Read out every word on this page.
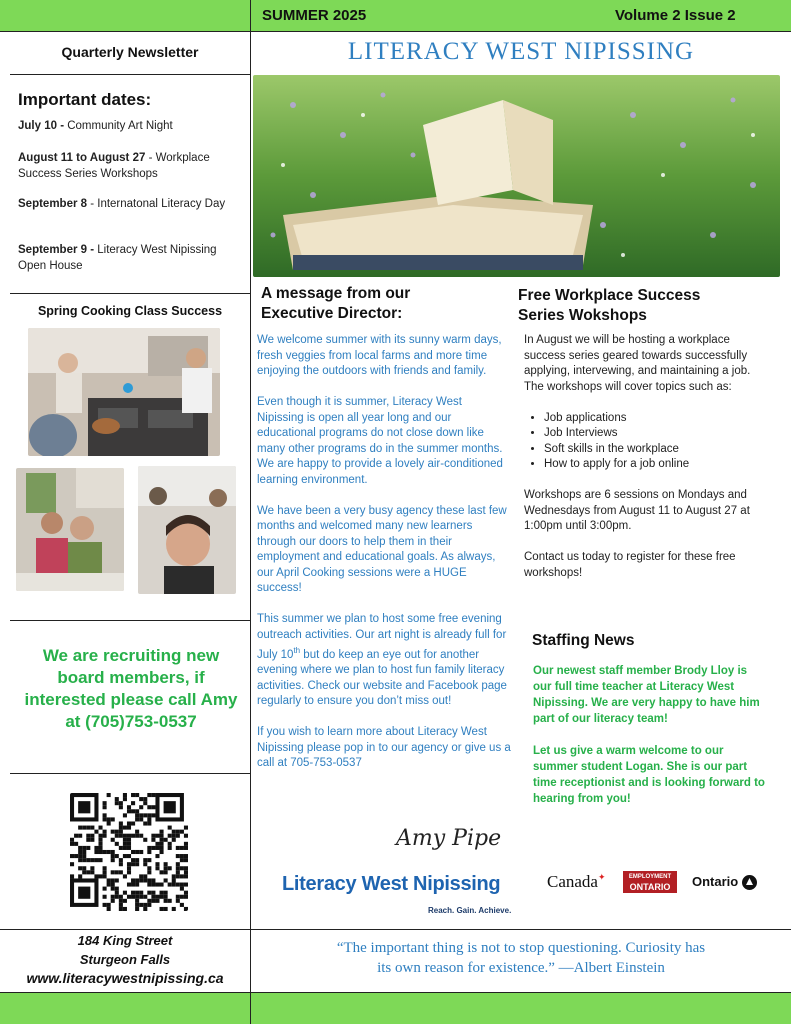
SUMMER 2025	Volume 2 Issue 2
Quarterly Newsletter
Important dates:
July 10 - Community Art Night
August 11 to August 27 - Workplace Success Series Workshops
September 8 - Internatonal Literacy Day
September 9 - Literacy West Nipissing Open House
Spring Cooking Class Success
We are recruiting new board members, if interested please call Amy at (705)753-0537
184 King Street
Sturgeon Falls
www.literacywestnipissing.ca
LITERACY WEST NIPISSING
A message from our
Executive Director:

We welcome summer with its sunny warm days, fresh veggies from local farms and more time enjoying the outdoors with friends and family.

Even though it is summer, Literacy West Nipissing is open all year long and our educational programs do not close down like many other programs do in the summer months. We are happy to provide a lovely air-conditioned learning environment.

We have been a very busy agency these last few months and welcomed many new learners through our doors to help them in their employment and educational goals. As always, our April Cooking sessions were a HUGE success!

This summer we plan to host some free evening outreach activities. Our art night is already full for July 10th but do keep an eye out for another evening where we plan to host fun family literacy activities. Check our website and Facebook page regularly to ensure you don’t miss out!

If you wish to learn more about Literacy West Nipissing please pop in to our agency or give us a call at 705-753-0537

Amy Pipe
Literacy West Nipissing
Reach. Gain. Achieve.
Free Workplace Success
Series Wokshops

In August we will be hosting a workplace success series geared towards successfully applying, intervewing, and maintaining a job. The workshops will cover topics such as:

• Job applications
• Job Interviews
• Soft skills in the workplace
• How to apply for a job online

Workshops are 6 sessions on Mondays and Wednesdays from August 11 to August 27 at 1:00pm until 3:00pm.

Contact us today to register for these free workshops!

Staffing News

Our newest staff member Brody Lloy is our full time teacher at Literacy West Nipissing. We are very happy to have him part of our literacy team!

Let us give a warm welcome to our summer student Logan. She is our part time receptionist and is looking forward to hearing from you!

Canada✦	EMPLOYMENT
ONTARIO	Ontario
“The important thing is not to stop questioning. Curiosity has
its own reason for existence.” —Albert Einstein
